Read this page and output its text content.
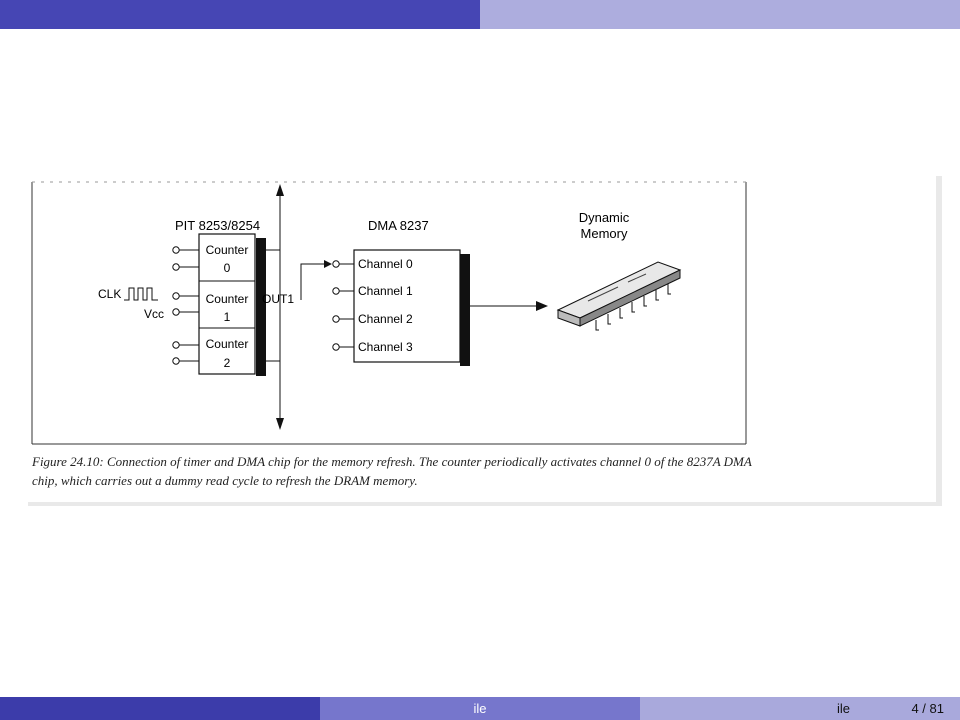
PIT 8253/8254
Counter
0
Counter
1
Counter
2
CLK
Vcc
OUT1
DMA 8237
Channel 0
Channel 1
Channel 2
Channel 3
Dynamic
Memory
Figure 24.10: Connection of timer and DMA chip for the memory refresh. The counter periodically activates channel 0 of the 8237A DMA chip, which carries out a dummy read cycle to refresh the DRAM memory.
ile	ile	4 / 81
